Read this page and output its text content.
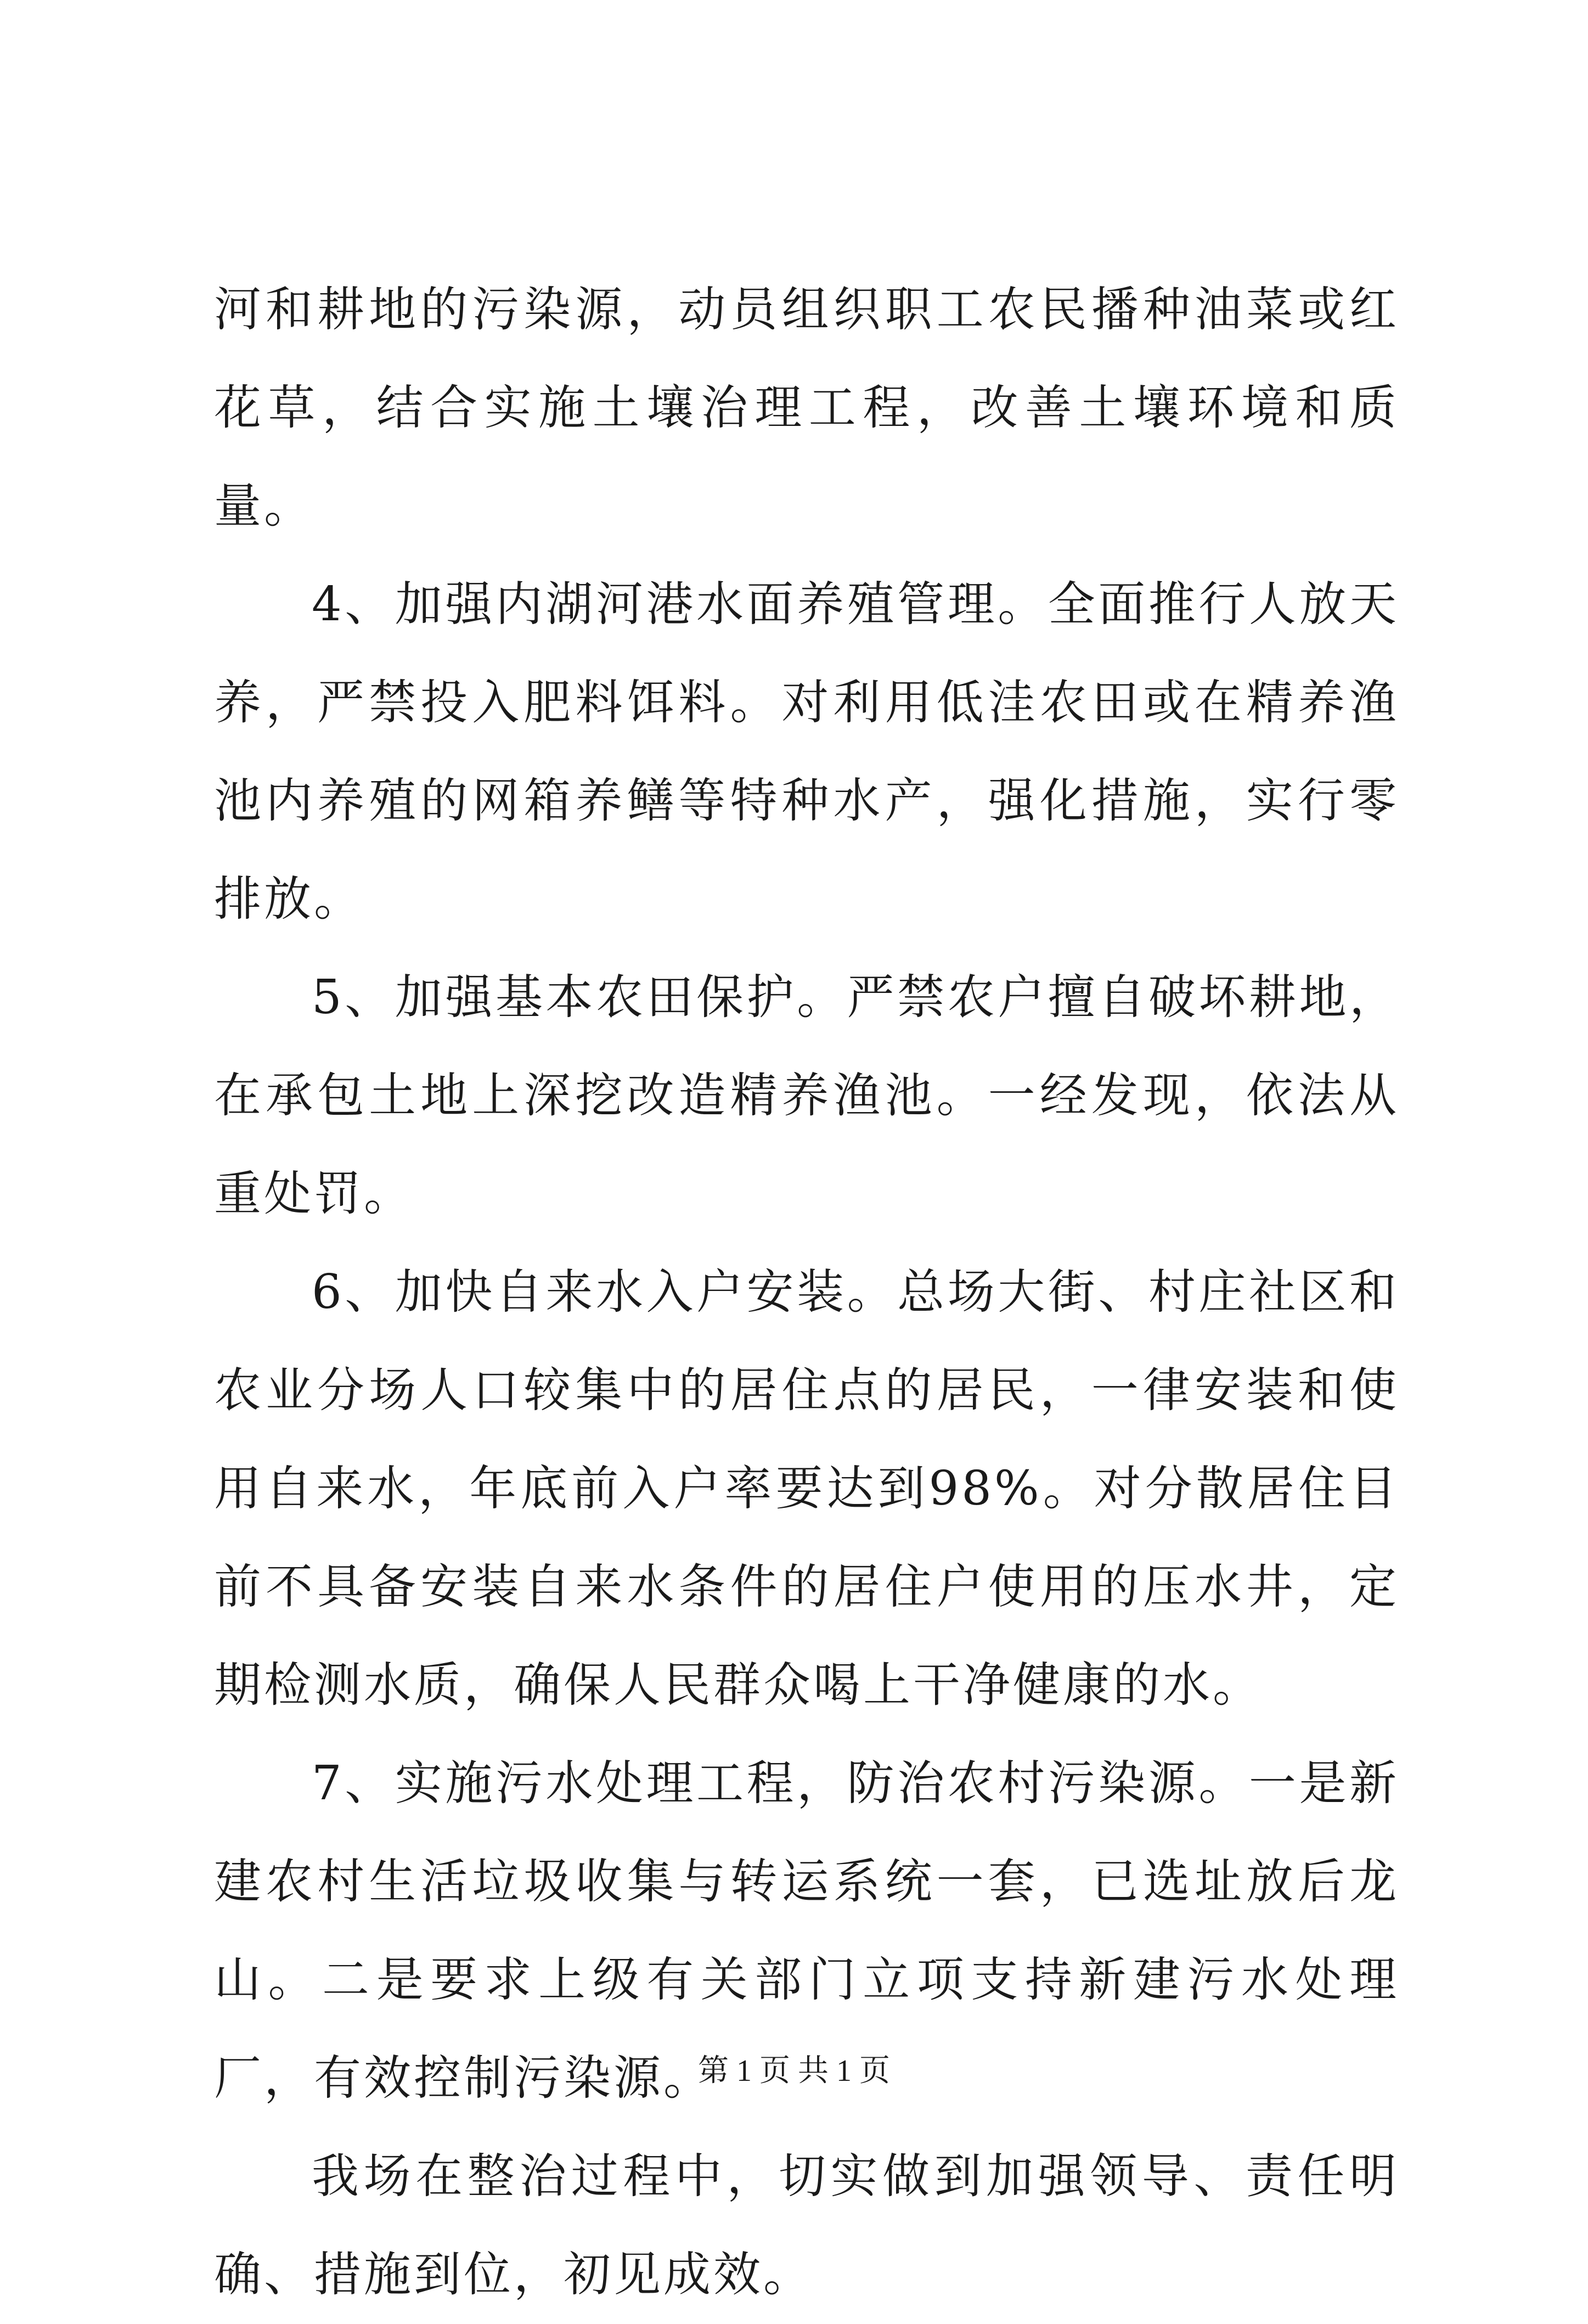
河和耕地的污染源，动员组织职工农民播种油菜或红花草，结合实施土壤治理工程，改善土壤环境和质量。

4、加强内湖河港水面养殖管理。全面推行人放天养，严禁投入肥料饵料。对利用低洼农田或在精养渔池内养殖的网箱养鳝等特种水产，强化措施，实行零排放。

5、加强基本农田保护。严禁农户擅自破坏耕地，在承包土地上深挖改造精养渔池。一经发现，依法从重处罚。

6、加快自来水入户安装。总场大街、村庄社区和农业分场人口较集中的居住点的居民，一律安装和使用自来水，年底前入户率要达到98%。对分散居住目前不具备安装自来水条件的居住户使用的压水井，定期检测水质，确保人民群众喝上干净健康的水。

7、实施污水处理工程，防治农村污染源。一是新建农村生活垃圾收集与转运系统一套，已选址放后龙山。二是要求上级有关部门立项支持新建污水处理厂，有效控制污染源。

我场在整治过程中，切实做到加强领导、责任明确、措施到位，初见成效。

第 1 页 共 1 页
